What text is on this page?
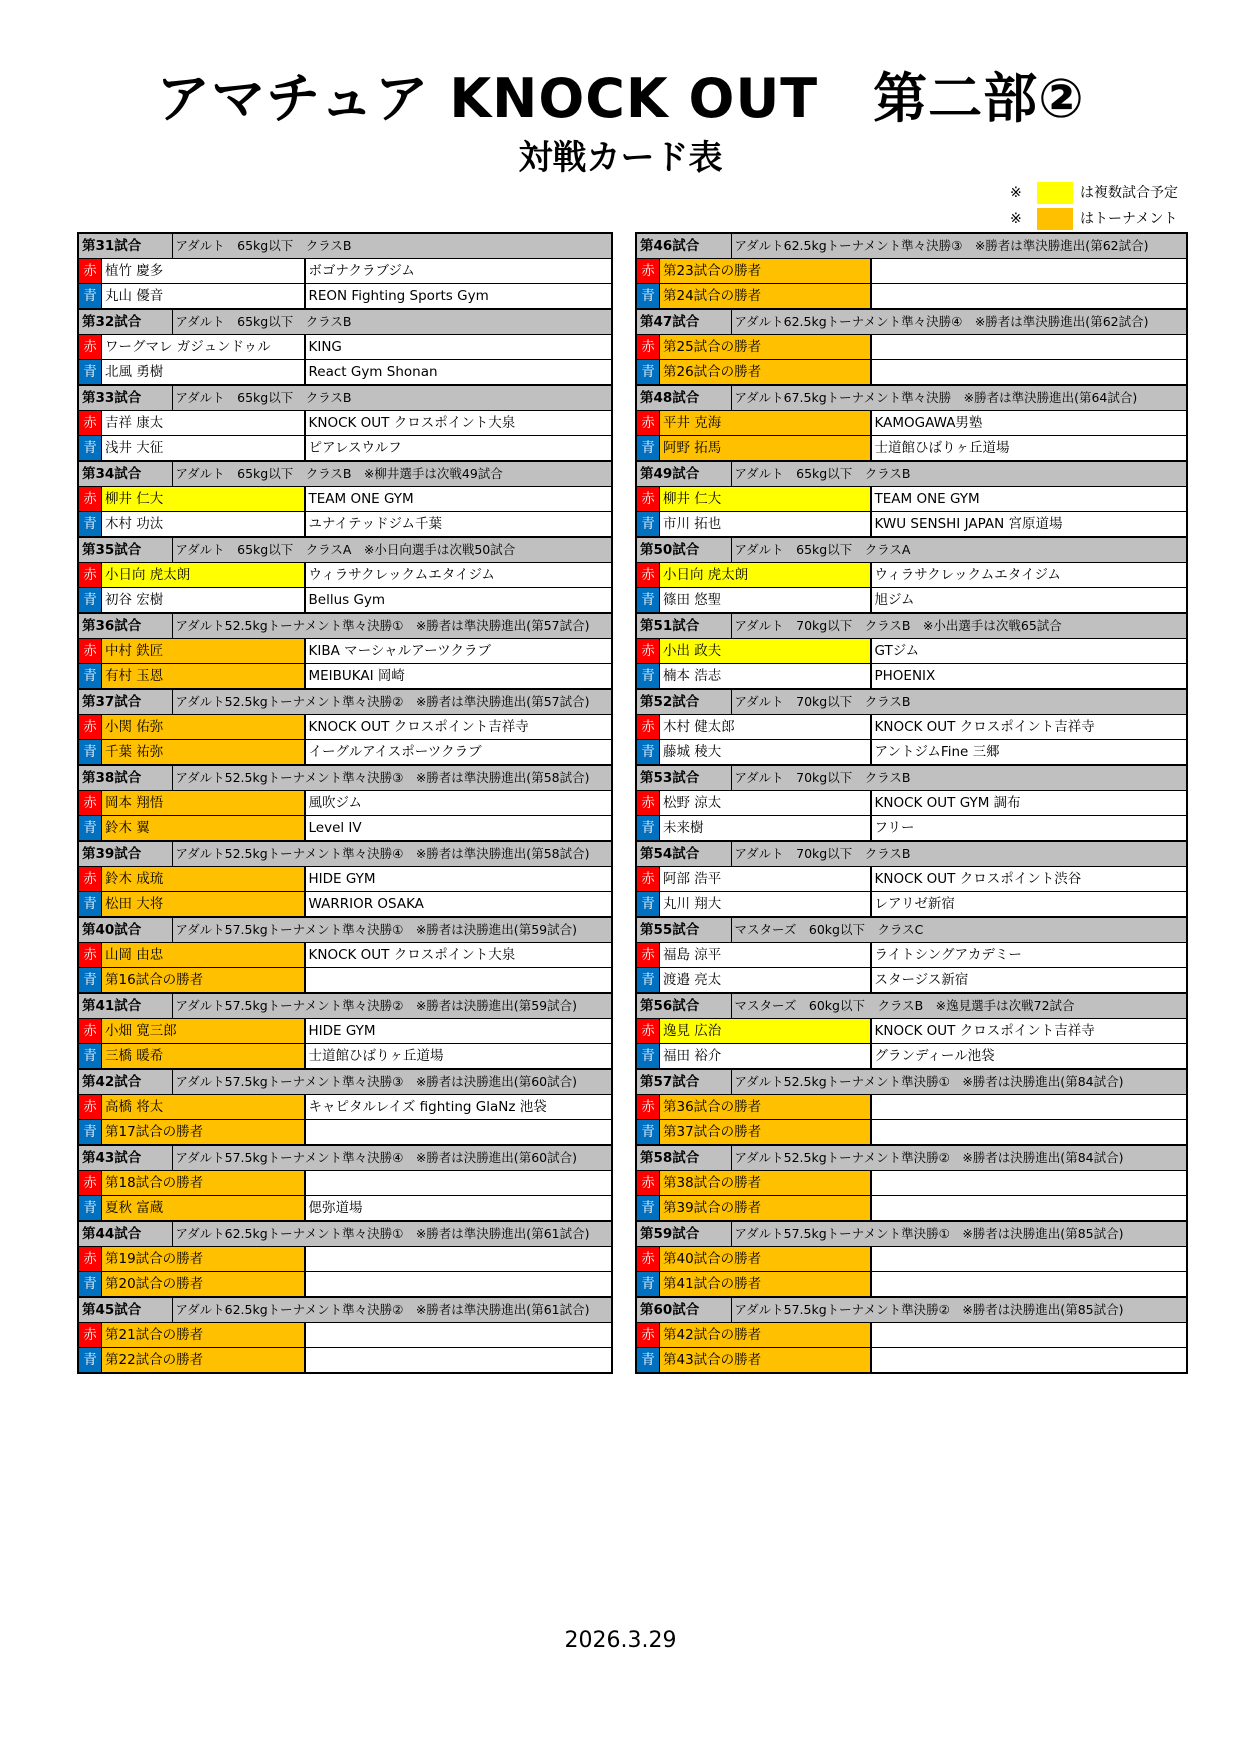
アマチュア KNOCK OUT　第二部②
対戦カード表
※	は複数試合予定
※	はトーナメント
第31試合	アダルト　65kg以下　クラスB	

赤 植竹 慶多		ボゴナクラブジム

青 丸山 優音		REON Fighting Sports Gym
第32試合	アダルト　65kg以下　クラスB	

赤 ワーグマレ ガジュンドゥル		KING

青 北風 勇樹		React Gym Shonan
第33試合	アダルト　65kg以下　クラスB	

赤 吉祥 康太		KNOCK OUT クロスポイント大泉

青 浅井 大征		ピアレスウルフ
第34試合	アダルト　65kg以下　クラスB　※柳井選手は次戦49試合	

赤 柳井 仁大		TEAM ONE GYM

青 木村 功汰		ユナイテッドジム千葉
第35試合	アダルト　65kg以下　クラスA　※小日向選手は次戦50試合	

赤 小日向 虎太朗		ウィラサクレックムエタイジム

青 初谷 宏樹		Bellus Gym
第36試合	アダルト52.5kgトーナメント準々決勝①　※勝者は準決勝進出(第57試合)	

赤 中村 鉄匠		KIBA マーシャルアーツクラブ

青 有村 玉恩		MEIBUKAI 岡崎
第37試合	アダルト52.5kgトーナメント準々決勝②　※勝者は準決勝進出(第57試合)	

赤 小関 佑弥		KNOCK OUT クロスポイント吉祥寺

青 千葉 祐弥		イーグルアイスポーツクラブ
第38試合	アダルト52.5kgトーナメント準々決勝③　※勝者は準決勝進出(第58試合)	

赤 岡本 翔悟		風吹ジム

青 鈴木 翼		Level IV
第39試合	アダルト52.5kgトーナメント準々決勝④　※勝者は準決勝進出(第58試合)	

赤 鈴木 成琉		HIDE GYM

青 松田 大将		WARRIOR OSAKA
第40試合	アダルト57.5kgトーナメント準々決勝①　※勝者は決勝進出(第59試合)	

赤 山岡 由忠		KNOCK OUT クロスポイント大泉

青 第16試合の勝者		

第41試合	アダルト57.5kgトーナメント準々決勝②　※勝者は決勝進出(第59試合)	

赤 小畑 寛三郎		HIDE GYM

青 三橋 暖希		士道館ひばりヶ丘道場
第42試合	アダルト57.5kgトーナメント準々決勝③　※勝者は決勝進出(第60試合)	

赤 高橋 将太		キャピタルレイズ fighting GlaNz 池袋

青 第17試合の勝者		

第43試合	アダルト57.5kgトーナメント準々決勝④　※勝者は決勝進出(第60試合)	

赤 第18試合の勝者		

青 夏秋 富蔵		偲弥道場
第44試合	アダルト62.5kgトーナメント準々決勝①　※勝者は準決勝進出(第61試合)	

赤 第19試合の勝者		

青 第20試合の勝者		

第45試合	アダルト62.5kgトーナメント準々決勝②　※勝者は準決勝進出(第61試合)	

赤 第21試合の勝者		

青 第22試合の勝者		

第46試合	アダルト62.5kgトーナメント準々決勝③　※勝者は準決勝進出(第62試合)	

赤 第23試合の勝者		

青 第24試合の勝者		

第47試合	アダルト62.5kgトーナメント準々決勝④　※勝者は準決勝進出(第62試合)	

赤 第25試合の勝者		

青 第26試合の勝者		

第48試合	アダルト67.5kgトーナメント準々決勝　※勝者は準決勝進出(第64試合)	

赤 平井 克海		KAMOGAWA男塾

青 阿野 拓馬		士道館ひばりヶ丘道場
第49試合	アダルト　65kg以下　クラスB	

赤 柳井 仁大		TEAM ONE GYM

青 市川 拓也		KWU SENSHI JAPAN 宮原道場
第50試合	アダルト　65kg以下　クラスA	

赤 小日向 虎太朗		ウィラサクレックムエタイジム

青 篠田 悠聖		旭ジム
第51試合	アダルト　70kg以下　クラスB　※小出選手は次戦65試合	

赤 小出 政夫		GTジム

青 楠本 浩志		PHOENIX
第52試合	アダルト　70kg以下　クラスB	

赤 木村 健太郎		KNOCK OUT クロスポイント吉祥寺

青 藤城 稜大		アントジムFine 三郷
第53試合	アダルト　70kg以下　クラスB	

赤 松野 涼太		KNOCK OUT GYM 調布

青 未来樹		フリー
第54試合	アダルト　70kg以下　クラスB	

赤 阿部 浩平		KNOCK OUT クロスポイント渋谷

青 丸川 翔大		レアリゼ新宿
第55試合	マスターズ　60kg以下　クラスC	

赤 福島 涼平		ライトシングアカデミー

青 渡邉 亮太		スタージス新宿
第56試合	マスターズ　60kg以下　クラスB　※逸見選手は次戦72試合	

赤 逸見 広治		KNOCK OUT クロスポイント吉祥寺

青 福田 裕介		グランディール池袋
第57試合	アダルト52.5kgトーナメント準決勝①　※勝者は決勝進出(第84試合)	

赤 第36試合の勝者		

青 第37試合の勝者		

第58試合	アダルト52.5kgトーナメント準決勝②　※勝者は決勝進出(第84試合)	

赤 第38試合の勝者		

青 第39試合の勝者		

第59試合	アダルト57.5kgトーナメント準決勝①　※勝者は決勝進出(第85試合)	

赤 第40試合の勝者		

青 第41試合の勝者		

第60試合	アダルト57.5kgトーナメント準決勝②　※勝者は決勝進出(第85試合)	

赤 第42試合の勝者		

青 第43試合の勝者		

2026.3.29
